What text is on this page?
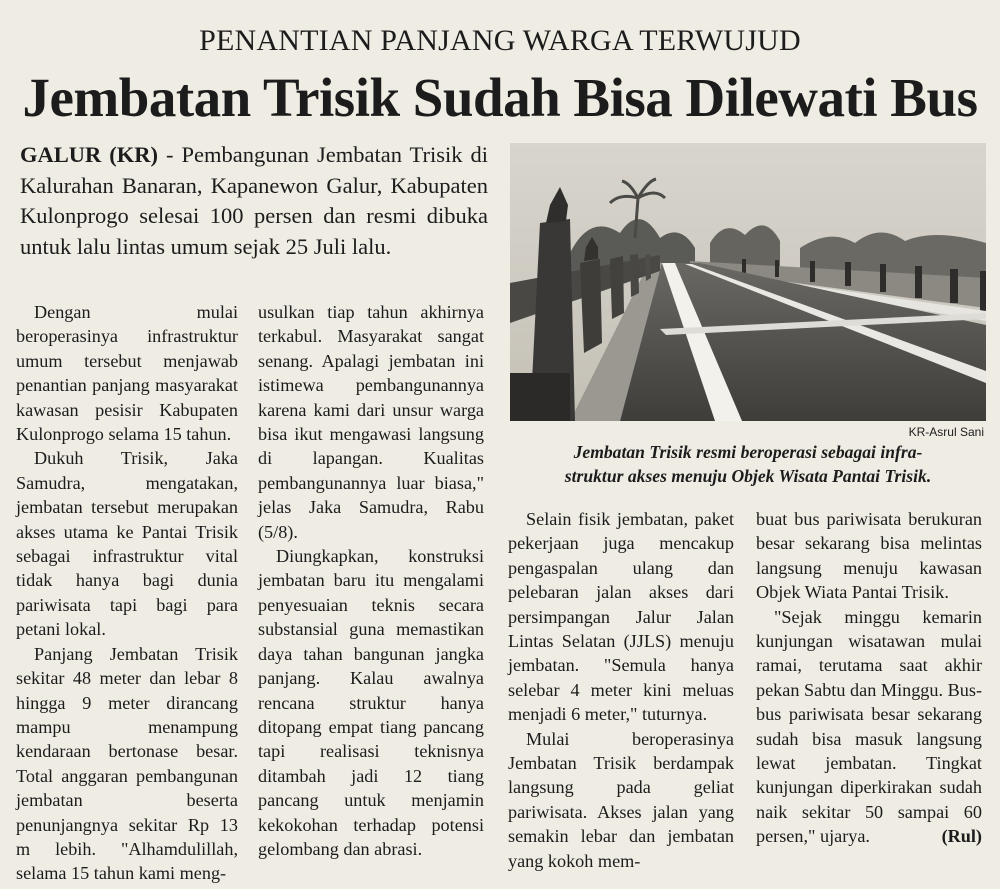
PENANTIAN PANJANG WARGA TERWUJUD
Jembatan Trisik Sudah Bisa Dilewati Bus
GALUR (KR) - Pembangunan Jembatan Trisik di Kalurahan Banaran, Kapanewon Galur, Kabupaten Kulonprogo selesai 100 persen dan resmi dibuka untuk lalu lintas umum sejak 25 Juli lalu.
KR-Asrul Sani
Jembatan Trisik resmi beroperasi sebagai infra-
struktur akses menuju Objek Wisata Pantai Trisik.

Dengan mulai beroperasinya infrastruktur umum tersebut menjawab penantian panjang masyarakat kawasan pesisir Kabupaten Kulonprogo selama 15 tahun.

Dukuh Trisik, Jaka Samudra, mengatakan, jembatan tersebut merupakan akses utama ke Pantai Trisik sebagai infrastruktur vital tidak hanya bagi dunia pariwisata tapi bagi para petani lokal.

Panjang Jembatan Trisik sekitar 48 meter dan lebar 8 hingga 9 meter dirancang mampu menampung kendaraan bertonase besar. Total anggaran pembangunan jembatan beserta penunjangnya sekitar Rp 13 m lebih. "Alhamdulillah, selama 15 tahun kami meng-

usulkan tiap tahun akhirnya terkabul. Masyarakat sangat senang. Apalagi jembatan ini istimewa pembangunannya karena kami dari unsur warga bisa ikut mengawasi langsung di lapangan. Kualitas pembangunannya luar biasa," jelas Jaka Samudra, Rabu (5/8).

Diungkapkan, konstruksi jembatan baru itu mengalami penyesuaian teknis secara substansial guna memastikan daya tahan bangunan jangka panjang. Kalau awalnya rencana struktur hanya ditopang empat tiang pancang tapi realisasi teknisnya ditambah jadi 12 tiang pancang untuk menjamin kekokohan terhadap potensi gelombang dan abrasi.

Selain fisik jembatan, paket pekerjaan juga mencakup pengaspalan ulang dan pelebaran jalan akses dari persimpangan Jalur Jalan Lintas Selatan (JJLS) menuju jembatan. "Semula hanya selebar 4 meter kini meluas menjadi 6 meter," tuturnya.

Mulai beroperasinya Jembatan Trisik berdampak langsung pada geliat pariwisata. Akses jalan yang semakin lebar dan jembatan yang kokoh mem-

buat bus pariwisata berukuran besar sekarang bisa melintas langsung menuju kawasan Objek Wiata Pantai Trisik.

"Sejak minggu kemarin kunjungan wisatawan mulai ramai, terutama saat akhir pekan Sabtu dan Minggu. Bus-bus pariwisata besar sekarang sudah bisa masuk langsung lewat jembatan. Tingkat kunjungan diperkirakan sudah naik sekitar 50 sampai 60 persen," ujarya.	(Rul)
